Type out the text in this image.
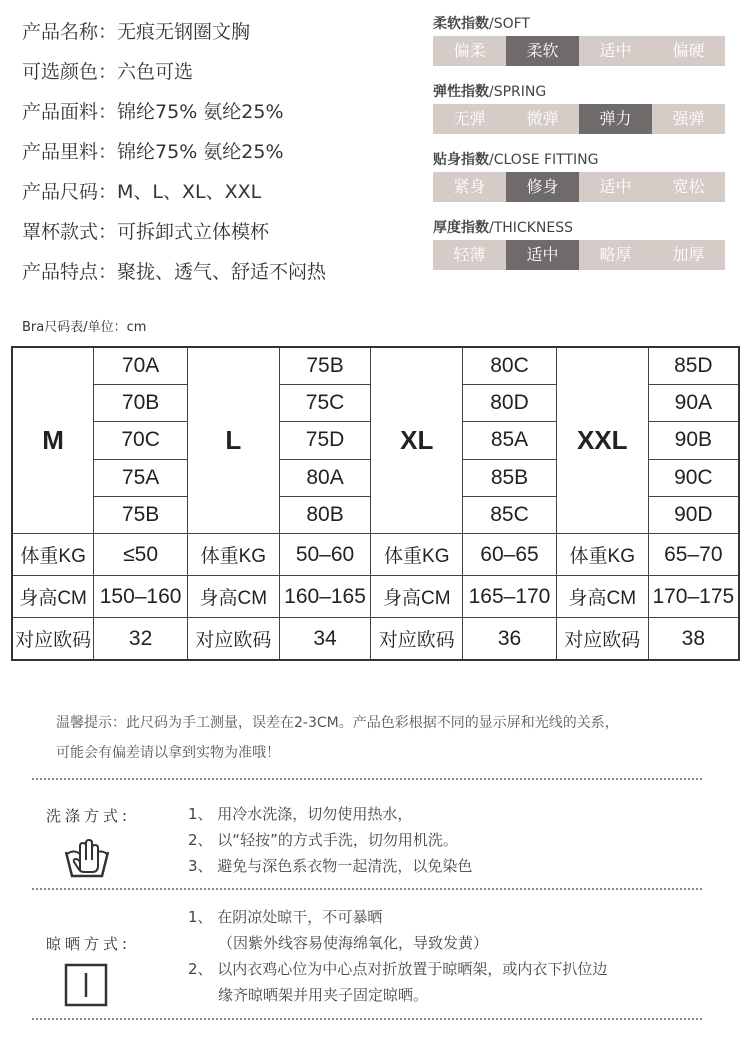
产品名称：无痕无钢圈文胸
可选颜色：六色可选
产品面料：锦纶75% 氨纶25%
产品里料：锦纶75% 氨纶25%
产品尺码：M、L、XL、XXL
罩杯款式：可拆卸式立体模杯
产品特点：聚拢、透气、舒适不闷热
柔软指数/SOFT
偏柔	柔软	适中	偏硬
弹性指数/SPRING
无弹	微弹	弹力	强弹
贴身指数/CLOSE FITTING
紧身	修身	适中	宽松
厚度指数/THICKNESS
轻薄	适中	略厚	加厚
Bra尺码表/单位：cm
M	70A	L	75B	XL	80C	XXL	85D
	70B		75C		80D		90A
	70C		75D		85A		90B
	75A		80A		85B		90C
	75B		80B		85C		90D
体重KG	≤50	体重KG	50–60	体重KG	60–65	体重KG	65–70
身高CM	150–160	身高CM	160–165	身高CM	165–170	身高CM	170–175
对应欧码	32	对应欧码	34	对应欧码	36	对应欧码	38
温馨提示：此尺码为手工测量，误差在2-3CM。产品色彩根据不同的显示屏和光线的关系，
可能会有偏差请以拿到实物为准哦！
洗涤方式:	1、 用冷水洗涤，切勿使用热水，
2、 以“轻按”的方式手洗，切勿用机洗。
3、 避免与深色系衣物一起清洗，以免染色
晾晒方式:
1、 在阴凉处晾干，不可暴晒
（因紫外线容易使海绵氧化，导致发黄）
2、 以内衣鸡心位为中心点对折放置于晾晒架，或内衣下扒位边
缘齐晾晒架并用夹子固定晾晒。
